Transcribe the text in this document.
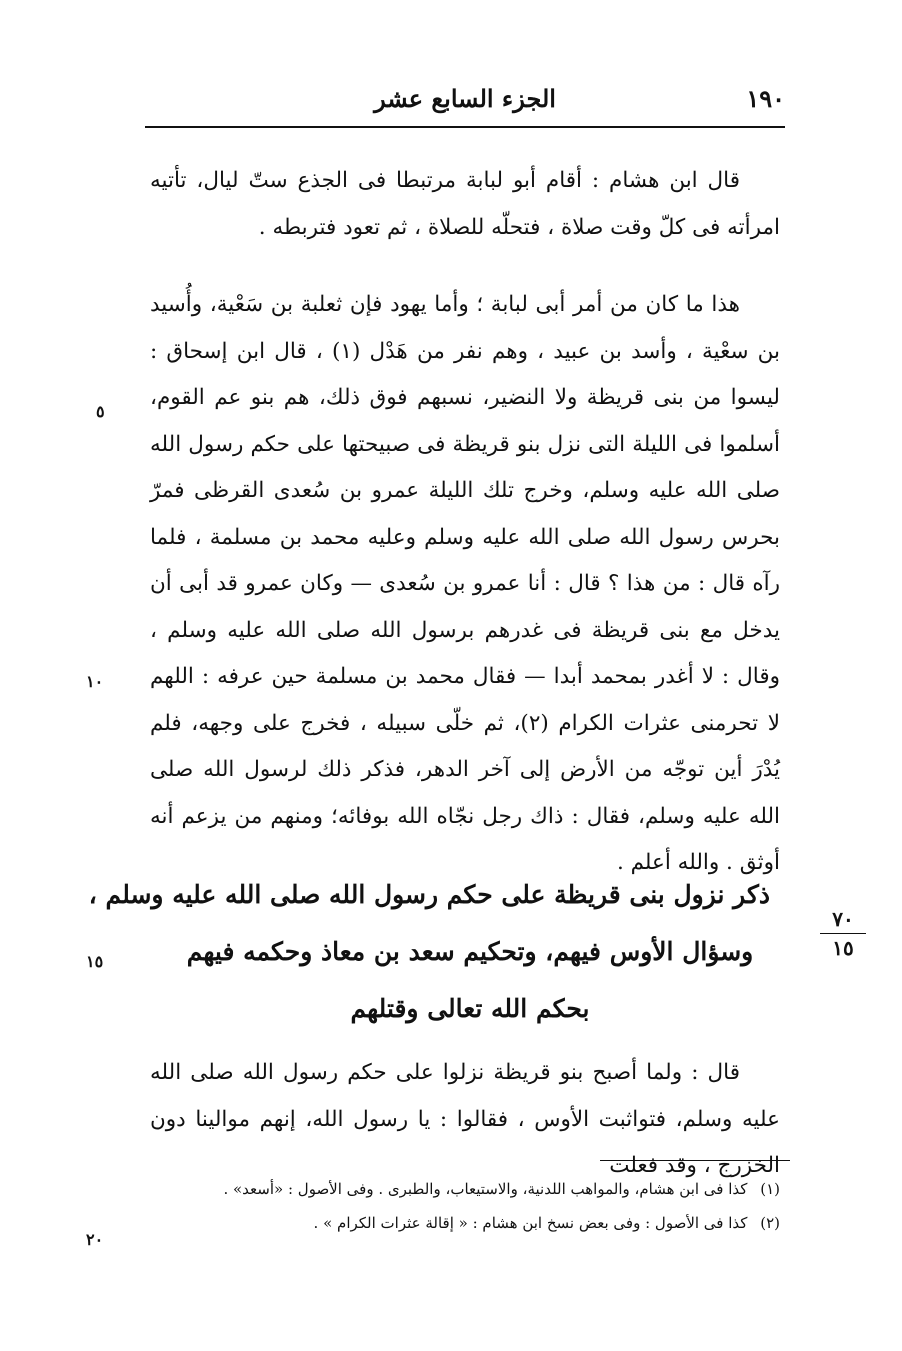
١٩٠
الجزء السابع عشر

قال ابن هشام : أقام أبو لبابة مرتبطا فى الجذع ستّ ليال، تأتيه امرأته فى كلّ وقت صلاة ، فتحلّه للصلاة ، ثم تعود فتربطه .

هذا ما كان من أمر أبى لبابة ؛ وأما يهود فإن ثعلبة بن سَعْية، وأُسيد بن سعْية ، وأسد بن عبيد ، وهم نفر من هَدْل (١) ، قال ابن إسحاق : ليسوا من بنى قريظة ولا النضير، نسبهم فوق ذلك، هم بنو عم القوم، أسلموا فى الليلة التى نزل بنو قريظة فى صبيحتها على حكم رسول الله صلى الله عليه وسلم، وخرج تلك الليلة عمرو بن سُعدى القرظى فمرّ بحرس رسول الله صلى الله عليه وسلم وعليه محمد بن مسلمة ، فلما رآه قال : من هذا ؟ قال : أنا عمرو بن سُعدى — وكان عمرو قد أبى أن يدخل مع بنى قريظة فى غدرهم برسول الله صلى الله عليه وسلم ، وقال : لا أغدر بمحمد أبدا — فقال محمد بن مسلمة حين عرفه : اللهم لا تحرمنى عثرات الكرام (٢)، ثم خلّى سبيله ، فخرج على وجهه، فلم يُدْرَ أين توجّه من الأرض إلى آخر الدهر، فذكر ذلك لرسول الله صلى الله عليه وسلم، فقال : ذاك رجل نجّاه الله بوفائه؛ ومنهم من يزعم أنه أوثق . والله أعلم .

ذكر نزول بنى قريظة على حكم رسول الله صلى الله عليه وسلم ،
وسؤال الأوس فيهم، وتحكيم سعد بن معاذ وحكمه فيهم
بحكم الله تعالى وقتلهم

قال : ولما أصبح بنو قريظة نزلوا على حكم رسول الله صلى الله عليه وسلم، فتواثبت الأوس ، فقالوا : يا رسول الله، إنهم موالينا دون الخزرج ، وقد فعلت

(١) كذا فى ابن هشام، والمواهب اللدنية، والاستيعاب، والطبرى . وفى الأصول : «أسعد» .
(٢) كذا فى الأصول : وفى بعض نسخ ابن هشام : « إقالة عثرات الكرام » .
٥
١٠
١٥
٢٠
٧٠
١٥
